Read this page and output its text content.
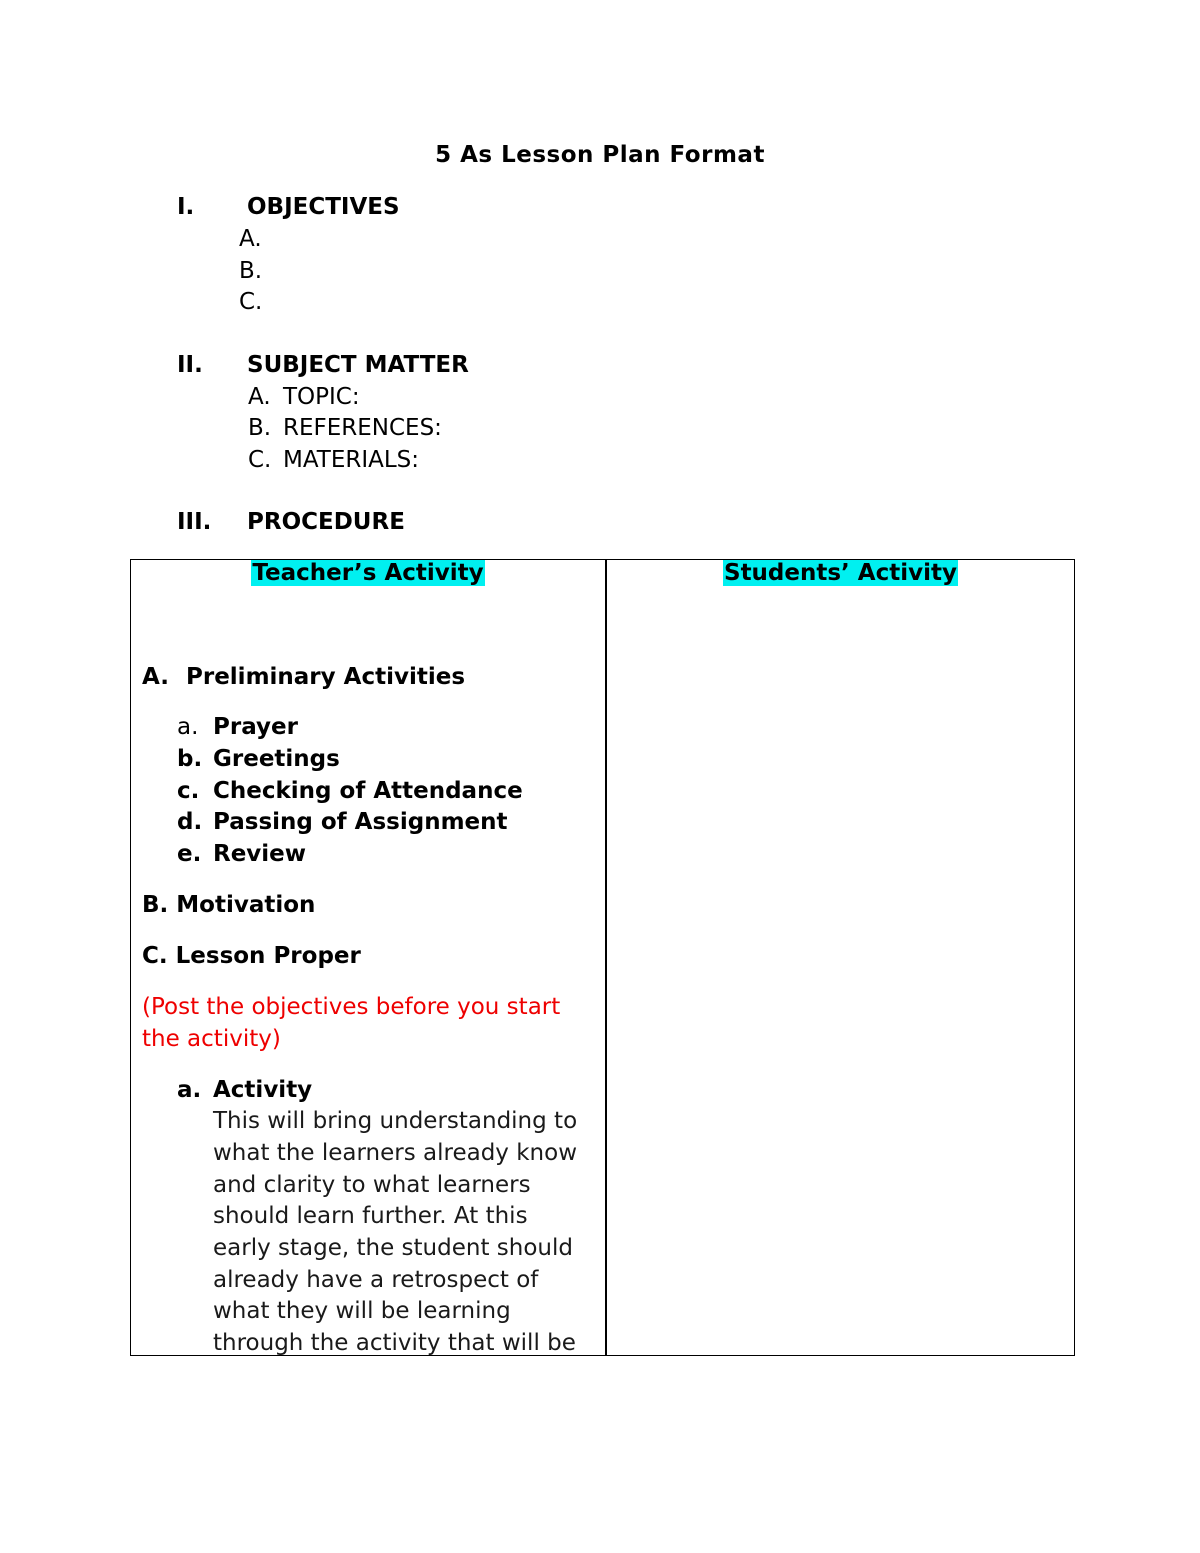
5 As Lesson Plan Format
I. OBJECTIVES
A.
B.
C.
II. SUBJECT MATTER
A. TOPIC:
B. REFERENCES:
C. MATERIALS:
III. PROCEDURE
Teacher’s Activity	Students’ Activity
A. Preliminary Activities
a. Prayer
b. Greetings
c. Checking of Attendance
d. Passing of Assignment
e. Review
B. Motivation
C. Lesson Proper
(Post the objectives before you start
the activity)
a. Activity
This will bring understanding to
what the learners already know
and clarity to what learners
should learn further. At this
early stage, the student should
already have a retrospect of
what they will be learning
through the activity that will be
